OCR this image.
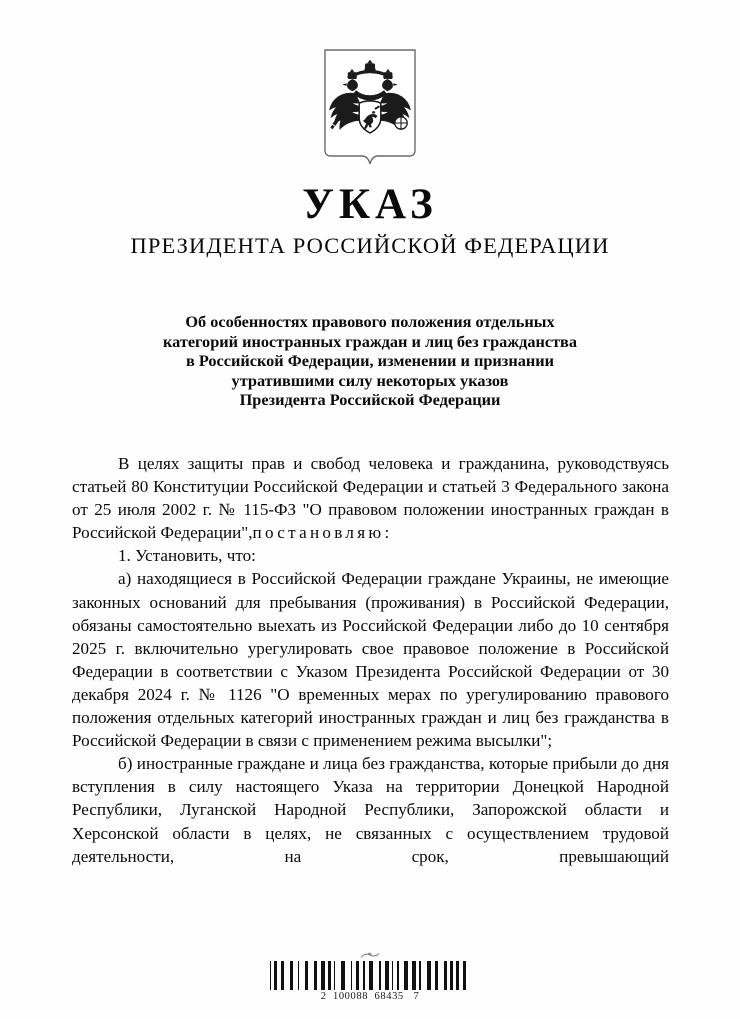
УКАЗ
ПРЕЗИДЕНТА РОССИЙСКОЙ ФЕДЕРАЦИИ
Об особенностях правового положения отдельных
категорий иностранных граждан и лиц без гражданства
в Российской Федерации, изменении и признании
утратившими силу некоторых указов
Президента Российской Федерации

В целях защиты прав и свобод человека и гражданина, руководствуясь статьей 80 Конституции Российской Федерации и статьей 3 Федерального закона от 25 июля 2002 г. № 115-ФЗ "О правовом положении иностранных граждан в Российской Федерации",постановляю:

1. Установить, что:

а) находящиеся в Российской Федерации граждане Украины, не имеющие законных оснований для пребывания (проживания) в Российской Федерации, обязаны самостоятельно выехать из Российской Федерации либо до 10 сентября 2025 г. включительно урегулировать свое правовое положение в Российской Федерации в соответствии с Указом Президента Российской Федерации от 30 декабря 2024 г. № 1126 "О временных мерах по урегулированию правового положения отдельных категорий иностранных граждан и лиц без гражданства в Российской Федерации в связи с применением режима высылки";

б) иностранные граждане и лица без гражданства, которые прибыли до дня вступления в силу настоящего Указа на территории Донецкой Народной Республики, Луганской Народной Республики, Запорожской области и Херсонской области в целях, не связанных с осуществлением трудовой деятельности, на срок, превышающий

2  100088  68435   7
